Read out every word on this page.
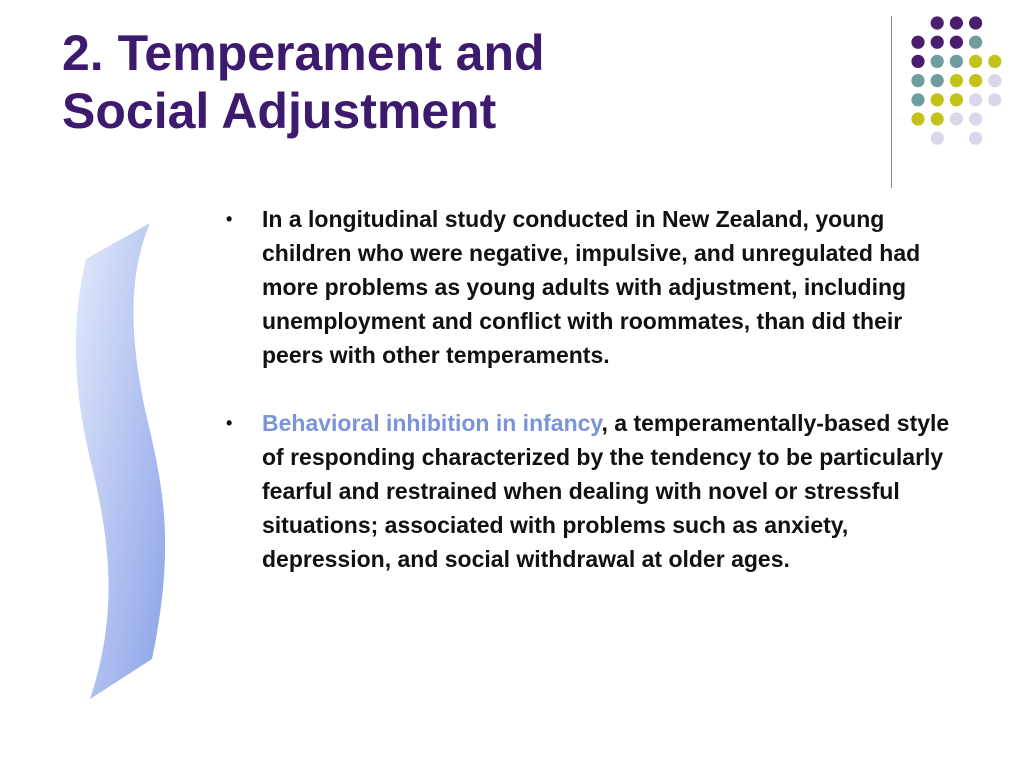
2. Temperament and
Social Adjustment
• In a longitudinal study conducted in New Zealand, young children who were negative, impulsive, and unregulated had more problems as young adults with adjustment, including unemployment and conflict with roommates, than did their peers with other temperaments.
• Behavioral inhibition in infancy, a temperamentally-based style of responding characterized by the tendency to be particularly fearful and restrained when dealing with novel or stressful situations; associated with problems such as anxiety, depression, and social withdrawal at older ages.
